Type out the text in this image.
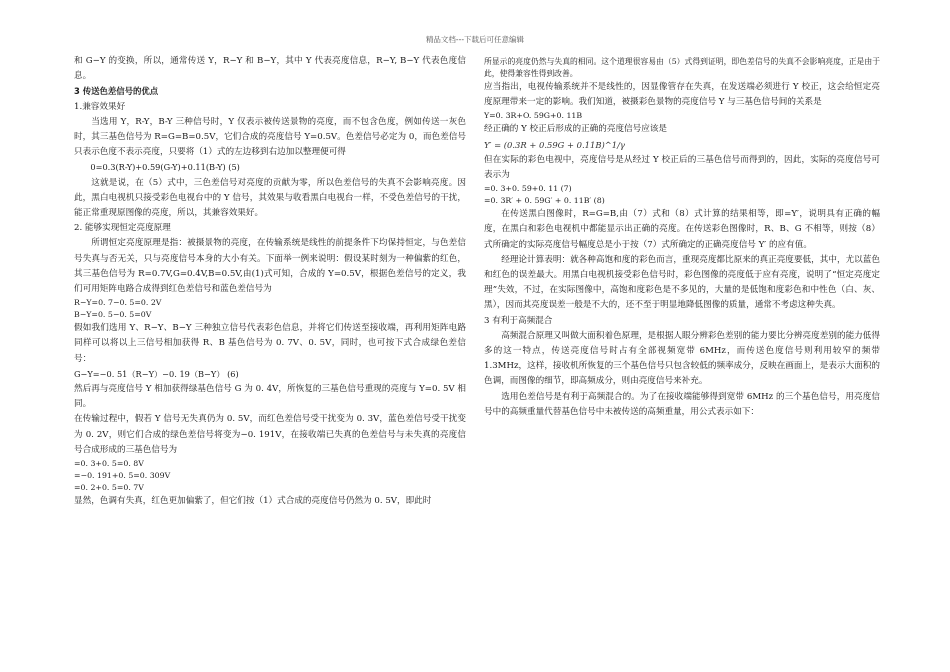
精品文档---下载后可任意编辑

和 G−Y 的变换，所以，通常传送 Y，R−Y 和 B−Y，其中 Y 代表亮度信息，R−Y, B−Y 代表色度信息。

3 传送色差信号的优点

1.兼容效果好

当选用 Y，R-Y，B-Y 三种信号时，Y 仅表示被传送景物的亮度，而不包含色度，例如传送一灰色时，其三基色信号为 R=G=B=0.5V，它们合成的亮度信号 Y=0.5V。色差信号必定为 0，而色差信号只表示色度不表示亮度，只要将（1）式的左边移到右边加以整理便可得

0=0.3(R-Y)+0.59(G-Y)+0.11(B-Y) (5)

这就是说，在（5）式中，三色差信号对亮度的贡献为零，所以色差信号的失真不会影响亮度。因此，黑白电视机只接受彩色电视台中的 Y 信号，其效果与收看黑白电视台一样，不受色差信号的干扰，能正常重现原图像的亮度，所以，其兼容效果好。

2. 能够实现恒定亮度原理

所谓恒定亮度原理是指：被摄景物的亮度，在传输系统是线性的前提条件下均保持恒定，与色差信号失真与否无关，只与亮度信号本身的大小有关。下面举一例来说明：假设某时刻为一种偏紫的红色，其三基色信号为 R=0.7V,G=0.4V,B=0.5V,由(1)式可知，合成的 Y=0.5V，根据色差信号的定义，我们可用矩阵电路合成得到红色差信号和蓝色差信号为

R−Y=0. 7−0. 5=0. 2V

B−Y=0. 5−0. 5=0V

假如我们选用 Y、R−Y、B−Y 三种独立信号代表彩色信息，并将它们传送至接收端，再利用矩阵电路同样可以将以上三信号相加获得 R、B 基色信号为 0. 7V、0. 5V，同时，也可按下式合成绿色差信号：

G−Y=−0. 51（R−Y）−0. 19（B−Y） (6)

然后再与亮度信号 Y 相加获得绿基色信号 G 为 0. 4V，所恢复的三基色信号重现的亮度与 Y=0. 5V 相同。

在传输过程中，假若 Y 信号无失真仍为 0. 5V，而红色差信号受干扰变为 0. 3V，蓝色差信号受干扰变为 0. 2V，则它们合成的绿色差信号将变为−0. 191V，在接收端已失真的色差信号与未失真的亮度信号合成形成的三基色信号为

=0. 3+0. 5=0. 8V

=−0. 191+0. 5=0. 309V

=0. 2+0. 5=0. 7V

显然，色调有失真，红色更加偏紫了，但它们按（1）式合成的亮度信号仍然为 0. 5V，即此时

所显示的亮度仍然与失真的相同。这个道理很容易由（5）式得到证明，即色差信号的失真不会影响亮度，正是由于此，使得兼容性得到改善。

应当指出，电视传输系统并不是线性的，因显像管存在失真，在发送端必须进行 Y 校正，这会给恒定亮度原理带来一定的影响。我们知道，被摄彩色景物的亮度信号 Y 与三基色信号间的关系是

Y=0. 3R+O. 59G+0. 11B

经正确的 Y 校正后形成的正确的亮度信号应该是

Y′ = (0.3R + 0.59G + 0.11B)^1/γ

但在实际的彩色电视中，亮度信号是从经过 Y 校正后的三基色信号而得到的，因此，实际的亮度信号可表示为

=0. 3+0. 59+0. 11 (7)

=0. 3R′ + 0. 59G′ + 0. 11B′ (8)

在传送黑白图像时，R=G=B,由（7）式和（8）式计算的结果相等，即=Y′，说明具有正确的幅度，在黑白和彩色电视机中都能显示出正确的亮度。在传送彩色图像时，R、B、G 不相等，则按（8）式所确定的实际亮度信号幅度总是小于按（7）式所确定的正确亮度信号 Y′ 的应有值。

经理论计算表明：就各种高饱和度的彩色而言，重现亮度都比原来的真正亮度要低，其中，尤以蓝色和红色的误差最大。用黑白电视机接受彩色信号时，彩色图像的亮度低于应有亮度，说明了“恒定亮度定理”失效，不过，在实际图像中，高饱和度彩色是不多见的，大量的是低饱和度彩色和中性色（白、灰、黑），因而其亮度误差一般是不大的，还不至于明显地降低图像的质量，通常不考虑这种失真。

3 有利于高频混合

高频混合原理又叫做大面积着色原理，是根据人眼分辨彩色差别的能力要比分辨亮度差别的能力低得多的这一特点，传送亮度信号时占有全部视频宽带 6MHz，而传送色度信号则利用较窄的频带 1.3MHz，这样，接收机所恢复的三个基色信号只包含较低的频率成分，反映在画面上，是表示大面积的色调，而图像的细节，即高频成分，则由亮度信号来补充。

选用色差信号是有利于高频混合的。为了在接收端能够得到宽带 6MHz 的三个基色信号，用亮度信号中的高频重量代替基色信号中未被传送的高频重量，用公式表示如下：
